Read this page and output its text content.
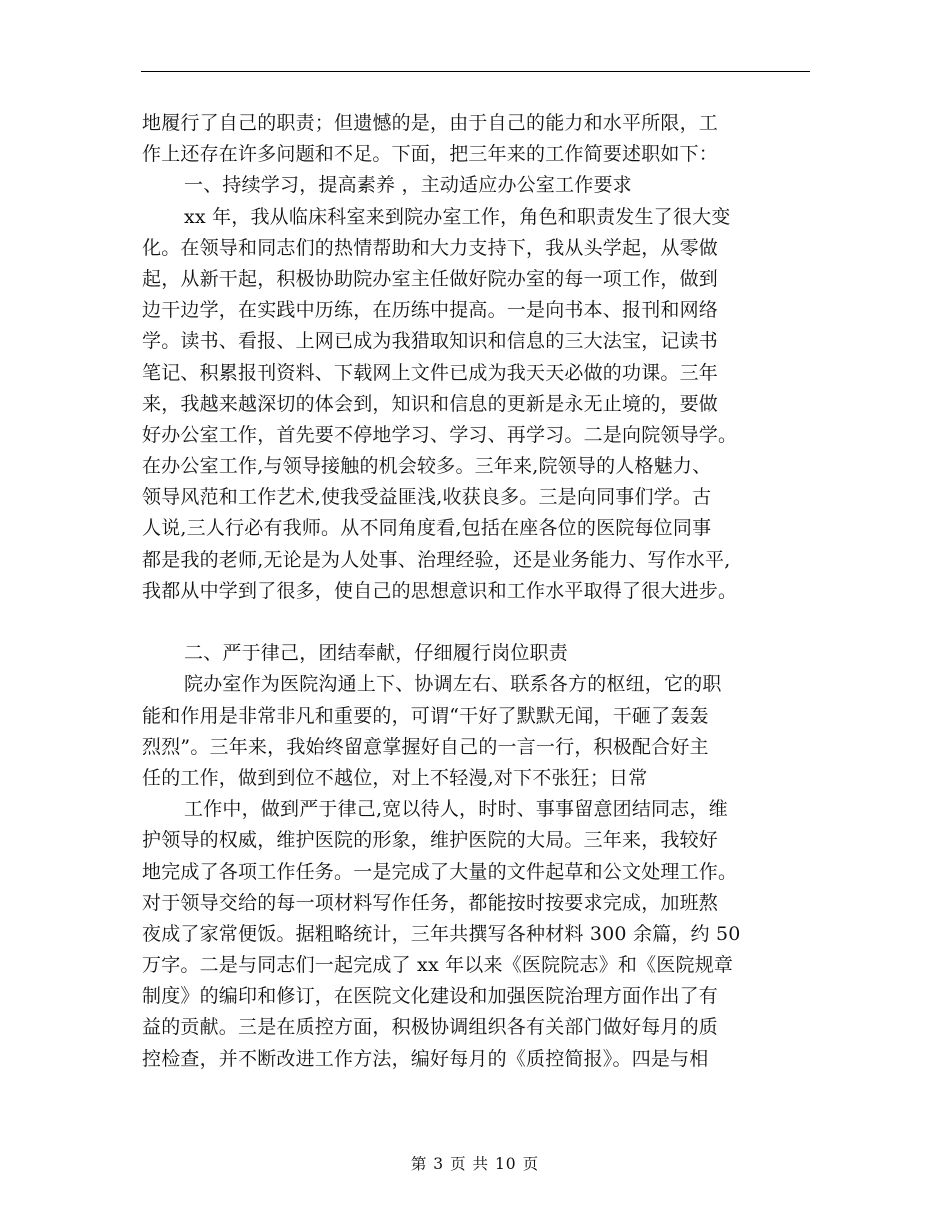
地履行了自己的职责；但遗憾的是，由于自己的能力和水平所限，工
作上还存在许多问题和不足。下面，把三年来的工作简要述职如下：
一、持续学习，提高素养 ，主动适应办公室工作要求
xx 年，我从临床科室来到院办室工作，角色和职责发生了很大变
化。在领导和同志们的热情帮助和大力支持下，我从头学起，从零做
起，从新干起，积极协助院办室主任做好院办室的每一项工作，做到
边干边学，在实践中历练，在历练中提高。一是向书本、报刊和网络
学。读书、看报、上网已成为我猎取知识和信息的三大法宝，记读书
笔记、积累报刊资料、下载网上文件已成为我天天必做的功课。三年
来，我越来越深切的体会到，知识和信息的更新是永无止境的，要做
好办公室工作，首先要不停地学习、学习、再学习。二是向院领导学。
在办公室工作,与领导接触的机会较多。三年来,院领导的人格魅力、
领导风范和工作艺术,使我受益匪浅,收获良多。三是向同事们学。古
人说,三人行必有我师。从不同角度看,包括在座各位的医院每位同事
都是我的老师,无论是为人处事、治理经验，还是业务能力、写作水平,
我都从中学到了很多，使自己的思想意识和工作水平取得了很大进步。
二、严于律己，团结奉献，仔细履行岗位职责
院办室作为医院沟通上下、协调左右、联系各方的枢纽，它的职
能和作用是非常非凡和重要的，可谓“干好了默默无闻，干砸了轰轰
烈烈”。三年来，我始终留意掌握好自己的一言一行，积极配合好主
任的工作，做到到位不越位，对上不轻漫,对下不张狂；日常
工作中，做到严于律己,宽以待人，时时、事事留意团结同志，维
护领导的权威，维护医院的形象，维护医院的大局。三年来，我较好
地完成了各项工作任务。一是完成了大量的文件起草和公文处理工作。
对于领导交给的每一项材料写作任务，都能按时按要求完成，加班熬
夜成了家常便饭。据粗略统计，三年共撰写各种材料 300 余篇，约 50
万字。二是与同志们一起完成了 xx 年以来《医院院志》和《医院规章
制度》的编印和修订，在医院文化建设和加强医院治理方面作出了有
益的贡献。三是在质控方面，积极协调组织各有关部门做好每月的质
控检查，并不断改进工作方法，编好每月的《质控简报》。四是与相
第 3 页 共 10 页
